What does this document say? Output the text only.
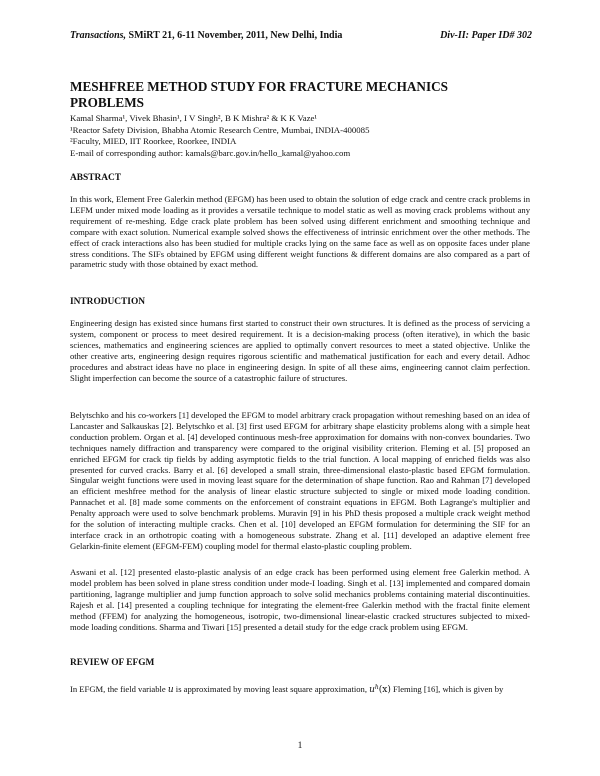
Transactions, SMiRT 21, 6-11 November, 2011, New Delhi, India	Div-II: Paper ID# 302
MESHFREE METHOD STUDY FOR FRACTURE MECHANICS PROBLEMS
Kamal Sharma¹, Vivek Bhasin¹, I V Singh², B K Mishra² & K K Vaze¹
¹Reactor Safety Division, Bhabha Atomic Research Centre, Mumbai, INDIA-400085
²Faculty, MIED, IIT Roorkee, Roorkee, INDIA
E-mail of corresponding author: kamals@barc.gov.in/hello_kamal@yahoo.com
ABSTRACT

In this work, Element Free Galerkin method (EFGM) has been used to obtain the solution of edge crack and centre crack problems in LEFM under mixed mode loading as it provides a versatile technique to model static as well as moving crack problems without any requirement of re-meshing. Edge crack plate problem has been solved using different enrichment and smoothing technique and compare with exact solution. Numerical example solved shows the effectiveness of intrinsic enrichment over the other methods. The effect of crack interactions also has been studied for multiple cracks lying on the same face as well as on opposite faces under plane stress conditions. The SIFs obtained by EFGM using different weight functions & different domains are also compared as a part of parametric study with those obtained by exact method.

INTRODUCTION

Engineering design has existed since humans first started to construct their own structures. It is defined as the process of servicing a system, component or process to meet desired requirement. It is a decision-making process (often iterative), in which the basic sciences, mathematics and engineering sciences are applied to optimally convert resources to meet a stated objective. Unlike the other creative arts, engineering design requires rigorous scientific and mathematical justification for each and every detail. Adhoc procedures and abstract ideas have no place in engineering design. In spite of all these aims, engineering cannot claim perfection. Slight imperfection can become the source of a catastrophic failure of structures.

Belytschko and his co-workers [1] developed the EFGM to model arbitrary crack propagation without remeshing based on an idea of Lancaster and Salkauskas [2]. Belytschko et al. [3] first used EFGM for arbitrary shape elasticity problems along with a simple heat conduction problem. Organ et al. [4] developed continuous mesh-free approximation for domains with non-convex boundaries. Two techniques namely diffraction and transparency were compared to the original visibility criterion. Fleming et al. [5] proposed an enriched EFGM for crack tip fields by adding asymptotic fields to the trial function. A local mapping of enriched fields was also presented for curved cracks. Barry et al. [6] developed a small strain, three-dimensional elasto-plastic based EFGM formulation. Singular weight functions were used in moving least square for the determination of shape function. Rao and Rahman [7] developed an efficient meshfree method for the analysis of linear elastic structure subjected to single or mixed mode loading condition. Pannachet et al. [8] made some comments on the enforcement of constraint equations in EFGM. Both Lagrange's multiplier and Penalty approach were used to solve benchmark problems. Muravin [9] in his PhD thesis proposed a multiple crack weight method for the solution of interacting multiple cracks. Chen et al. [10] developed an EFGM formulation for determining the SIF for an interface crack in an orthotropic coating with a homogeneous substrate. Zhang et al. [11] developed an adaptive element free Gelarkin-finite element (EFGM-FEM) coupling model for thermal elasto-plastic coupling problem.

Aswani et al. [12] presented elasto-plastic analysis of an edge crack has been performed using element free Galerkin method. A model problem has been solved in plane stress condition under mode-I loading. Singh et al. [13] implemented and compared domain partitioning, lagrange multiplier and jump function approach to solve solid mechanics problems containing material discontinuities. Rajesh et al. [14] presented a coupling technique for integrating the element-free Galerkin method with the fractal finite element method (FFEM) for analyzing the homogeneous, isotropic, two-dimensional linear-elastic cracked structures subjected to mixed-mode loading conditions. Sharma and Tiwari [15] presented a detail study for the edge crack problem using EFGM.

REVIEW OF EFGM

In EFGM, the field variable u is approximated by moving least square approximation, $u^h(x)$ Fleming [16], which is given by

1
